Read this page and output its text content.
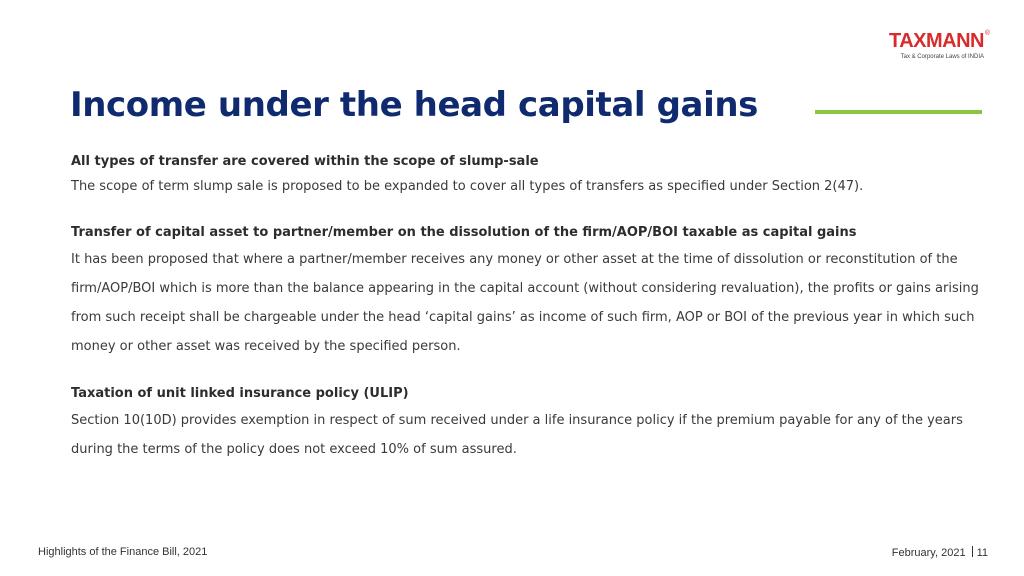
TAXMANN ®
Tax & Corporate Laws of INDIA
Income under the head capital gains
All types of transfer are covered within the scope of slump-sale
The scope of term slump sale is proposed to be expanded to cover all types of transfers as specified under Section 2(47).
Transfer of capital asset to partner/member on the dissolution of the firm/AOP/BOI taxable as capital gains
It has been proposed that where a partner/member receives any money or other asset at the time of dissolution or reconstitution of the firm/AOP/BOI which is more than the balance appearing in the capital account (without considering revaluation), the profits or gains arising from such receipt shall be chargeable under the head ‘capital gains’ as income of such firm, AOP or BOI of the previous year in which such money or other asset was received by the specified person.
Taxation of unit linked insurance policy (ULIP)
Section 10(10D) provides exemption in respect of sum received under a life insurance policy if the premium payable for any of the years during the terms of the policy does not exceed 10% of sum assured.
Highlights of the Finance Bill, 2021	February, 2021 11
